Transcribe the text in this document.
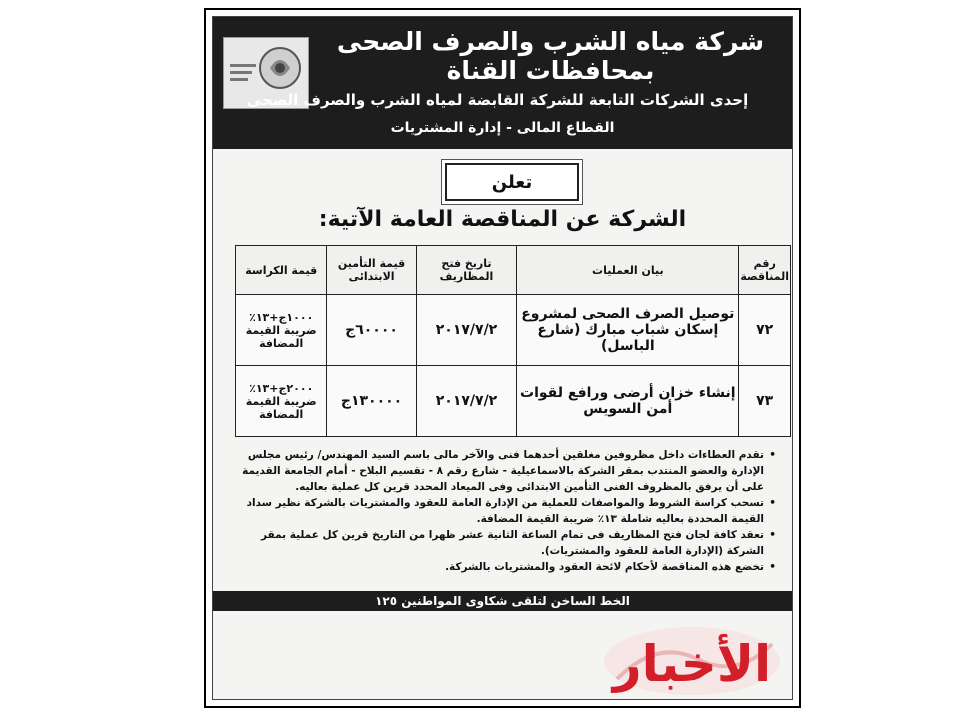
شركة مياه الشرب والصرف الصحى بمحافظات القناة
إحدى الشركات التابعة للشركة القابضة لمياه الشرب والصرف الصحى
القطاع المالى - إدارة المشتريات
تعلن
الشركة عن المناقصة العامة الآتية:
رقم المناقصة	بيان العمليات	تاريخ فتح المظاريف	قيمة التأمين الابتدائى	قيمة الكراسة
٧٢	توصيل الصرف الصحى لمشروع إسكان شباب مبارك (شارع الباسل)	٢٠١٧/٧/٢	٦٠٠٠٠ج	١٠٠٠ج+١٣٪ ضريبة القيمة المضافة
٧٣	إنشاء خزان أرضى ورافع لقوات أمن السويس	٢٠١٧/٧/٢	١٣٠٠٠٠ج	٢٠٠٠ج+١٣٪ ضريبة القيمة المضافة
•
تقدم العطاءات داخل مظروفين مغلقين أحدهما فنى والآخر مالى باسم السيد المهندس/ رئيس مجلس الإدارة والعضو المنتدب بمقر الشركة بالاسماعيلية - شارع رقم ٨ - تقسيم البلاح - أمام الجامعة القديمة على أن يرفق بالمظروف الفنى التأمين الابتدائى وفى الميعاد المحدد قرين كل عملية بعاليه.
•
تسحب كراسة الشروط والمواصفات للعملية من الإدارة العامة للعقود والمشتريات بالشركة نظير سداد القيمة المحددة بعاليه شاملة ١٣٪ ضريبة القيمة المضافة.
•
تعقد كافة لجان فتح المظاريف فى تمام الساعة الثانية عشر ظهرا من التاريخ قرين كل عملية بمقر الشركة (الإدارة العامة للعقود والمشتريات).
•
تخضع هذه المناقصة لأحكام لائحة العقود والمشتريات بالشركة.
الخط الساخن لتلقى شكاوى المواطنين ١٢٥
الأخبار
